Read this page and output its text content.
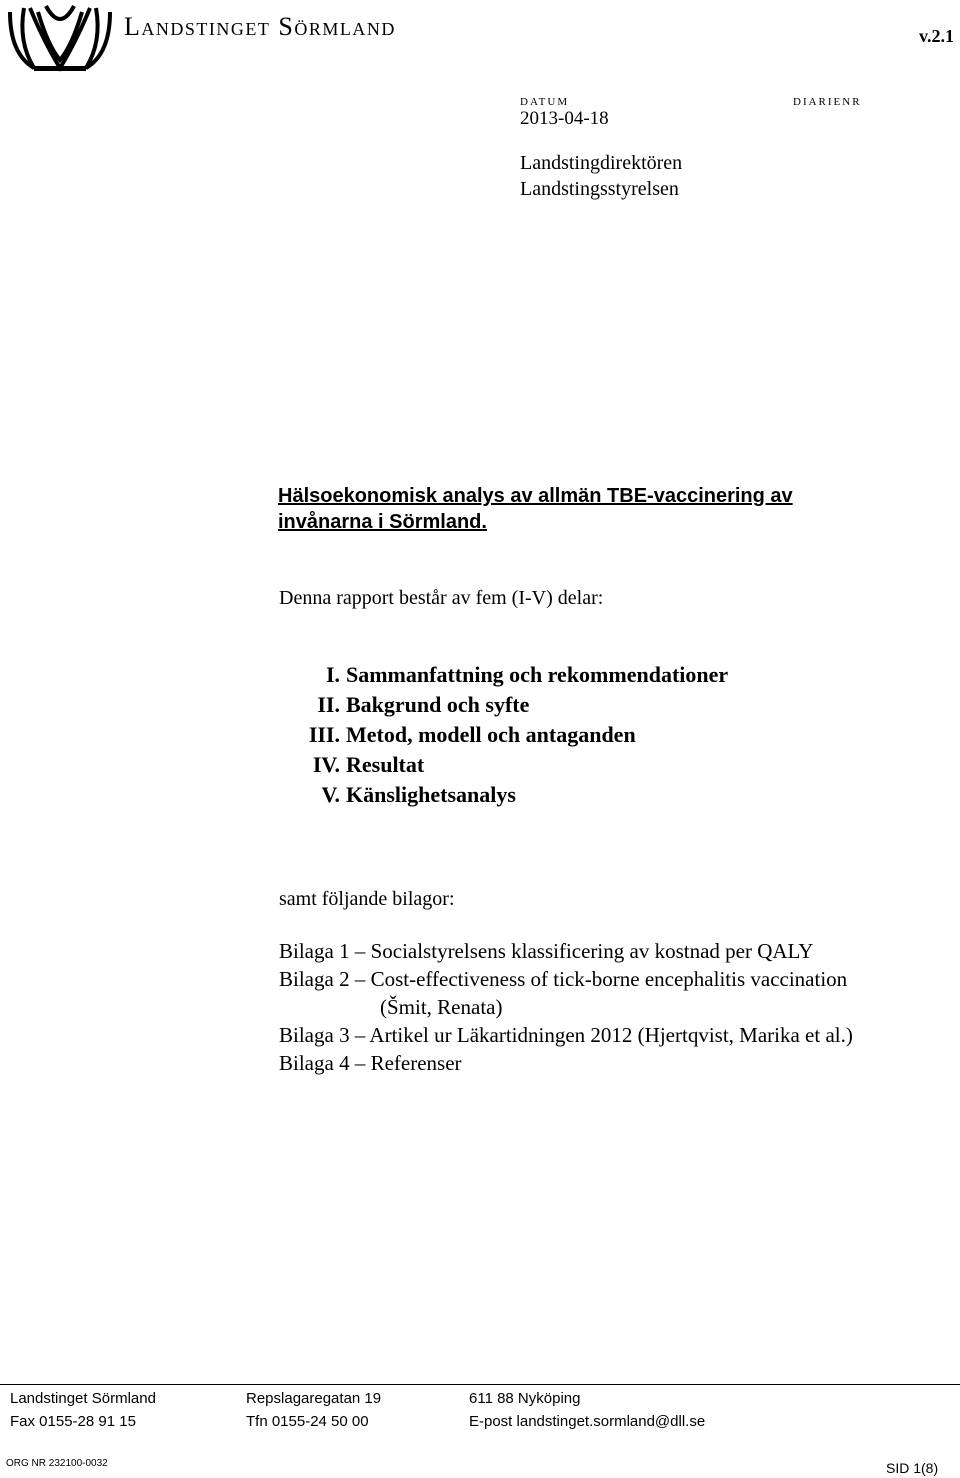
Landstinget Sörmland	v.2.1
DATUM	DIARIENR
2013-04-18
Landstingdirektören
Landstingsstyrelsen
Hälsoekonomisk analys av allmän TBE-vaccinering av
invånarna i Sörmland.
Denna rapport består av fem (I-V) delar:
I. Sammanfattning och rekommendationer
II. Bakgrund och syfte
III. Metod, modell och antaganden
IV. Resultat
V. Känslighetsanalys
samt följande bilagor:
Bilaga 1 – Socialstyrelsens klassificering av kostnad per QALY
Bilaga 2 – Cost-effectiveness of tick-borne encephalitis vaccination
(Šmit, Renata)
Bilaga 3 – Artikel ur Läkartidningen 2012 (Hjertqvist, Marika et al.)
Bilaga 4 – Referenser
Landstinget Sörmland	Repslagaregatan 19	611 88 Nyköping
Fax 0155-28 91 15	Tfn 0155-24 50 00	E-post landstinget.sormland@dll.se
ORG NR 232100-0032	SID 1(8)
